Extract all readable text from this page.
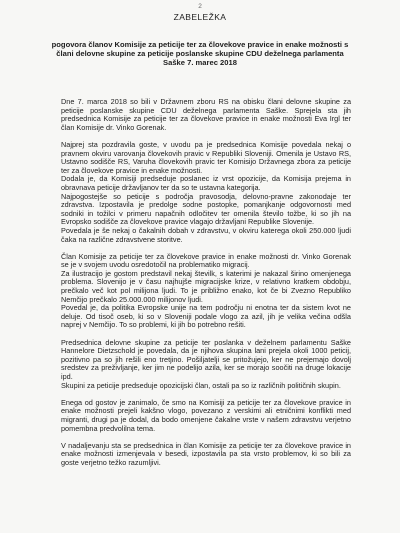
2
ZABELEŽKA

pogovora članov Komisije za peticije ter za človekove pravice in enake možnosti s člani delovne skupine za peticije poslanske skupine CDU deželnega parlamenta Saške 7. marec 2018

Dne 7. marca 2018 so bili v Državnem zboru RS na obisku člani delovne skupine za peticije poslanske skupine CDU deželnega parlamenta Saške. Sprejela sta jih predsednica Komisije za peticije ter za človekove pravice in enake možnosti Eva Irgl ter član Komisije dr. Vinko Gorenak.

Najprej sta pozdravila goste, v uvodu pa je predsednica Komisije povedala nekaj o pravnem okviru varovanja človekovih pravic v Republiki Sloveniji. Omenila je Ustavo RS, Ustavno sodišče RS, Varuha človekovih pravic ter Komisijo Državnega zbora za peticije ter za človekove pravice in enake možnosti.

Dodala je, da Komisiji predseduje poslanec iz vrst opozicije, da Komisija prejema in obravnava peticije državljanov ter da so te ustavna kategorija.

Najpogostejše so peticije s področja pravosodja, delovno-pravne zakonodaje ter zdravstva. Izpostavila je predolge sodne postopke, pomanjkanje odgovornosti med sodniki in tožilci v primeru napačnih odločitev ter omenila število tožbe, ki so jih na Evropsko sodišče za človekove pravice vlagajo državljani Republike Slovenije.

Povedala je še nekaj o čakalnih dobah v zdravstvu, v okviru katerega okoli 250.000 ljudi čaka na različne zdravstvene storitve.

Član Komisije za peticije ter za človekove pravice in enake možnosti dr. Vinko Gorenak se je v svojem uvodu osredotočil na problematiko migracij.

Za ilustracijo je gostom predstavil nekaj številk, s katerimi je nakazal širino omenjenega problema. Slovenijo je v času najhujše migracijske krize, v relativno kratkem obdobju, prečkalo več kot pol milijona ljudi. To je približno enako, kot če bi Zvezno Republiko Nemčijo prečkalo 25.000.000 milijonov ljudi.

Povedal je, da politika Evropske unije na tem področju ni enotna ter da sistem kvot ne deluje. Od tisoč oseb, ki so v Sloveniji podale vlogo za azil, jih je velika večina odšla naprej v Nemčijo. To so problemi, ki jih bo potrebno rešiti.

Predsednica delovne skupine za peticije ter poslanka v deželnem parlamentu Saške Hannelore Dietzschold je povedala, da je njihova skupina lani prejela okoli 1000 peticij, pozitivno pa so jih rešili eno tretjino. Pošiljatelji se pritožujejo, ker ne prejemajo dovolj sredstev za preživljanje, ker jim ne podelijo azila, ker se morajo soočiti na druge lokacije ipd.

Skupini za peticije predseduje opozicijski član, ostali pa so iz različnih političnih skupin.

Enega od gostov je zanimalo, če smo na Komisiji za peticije ter za človekove pravice in enake možnosti prejeli kakšno vlogo, povezano z verskimi ali etničnimi konflikti med migranti, drugi pa je dodal, da bodo omenjene čakalne vrste v našem zdravstvu verjetno pomembna predvolilna tema.

V nadaljevanju sta se predsednica in član Komisije za peticije ter za človekove pravice in enake možnosti izmenjevala v besedi, izpostavila pa sta vrsto problemov, ki so bili za goste verjetno težko razumljivi.
